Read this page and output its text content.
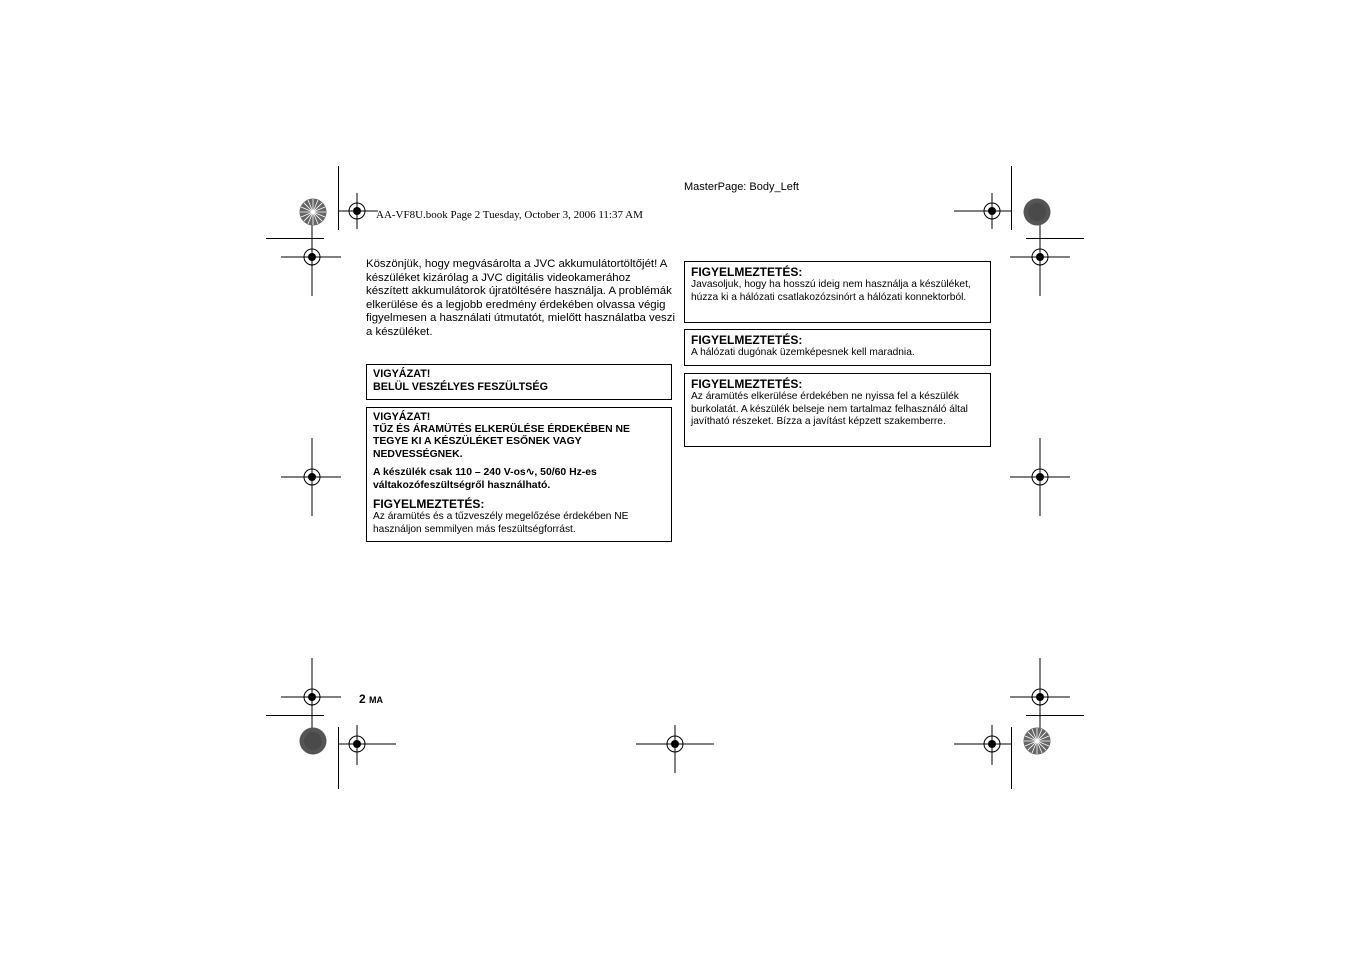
MasterPage: Body_Left
AA-VF8U.book Page 2 Tuesday, October 3, 2006 11:37 AM
Köszönjük, hogy megvásárolta a JVC akkumulátortöltőjét! A készüléket kizárólag a JVC digitális videokamerához készített akkumulátorok újratöltésére használja. A problémák elkerülése és a legjobb eredmény érdekében olvassa végig figyelmesen a használati útmutatót, mielőtt használatba veszi a készüléket.
VIGYÁZAT!
BELÜL VESZÉLYES FESZÜLTSÉG
VIGYÁZAT!
TŰZ ÉS ÁRAMÜTÉS ELKERÜLÉSE ÉRDEKÉBEN NE TEGYE KI A KÉSZÜLÉKET ESŐNEK VAGY NEDVESSÉGNEK.
A készülék csak 110 – 240 V-os∿, 50/60 Hz-es váltakozófeszültségről használható.
FIGYELMEZTETÉS:
Az áramütés és a tűzveszély megelőzése érdekében NE használjon semmilyen más feszültségforrást.
FIGYELMEZTETÉS:
Javasoljuk, hogy ha hosszú ideig nem használja a készüléket, húzza ki a hálózati csatlakozózsinórt a hálózati konnektorból.
FIGYELMEZTETÉS:
A hálózati dugónak üzemképesnek kell maradnia.
FIGYELMEZTETÉS:
Az áramütés elkerülése érdekében ne nyissa fel a készülék burkolatát. A készülék belseje nem tartalmaz felhasználó által javítható részeket. Bízza a javítást képzett szakemberre.
2 MA
